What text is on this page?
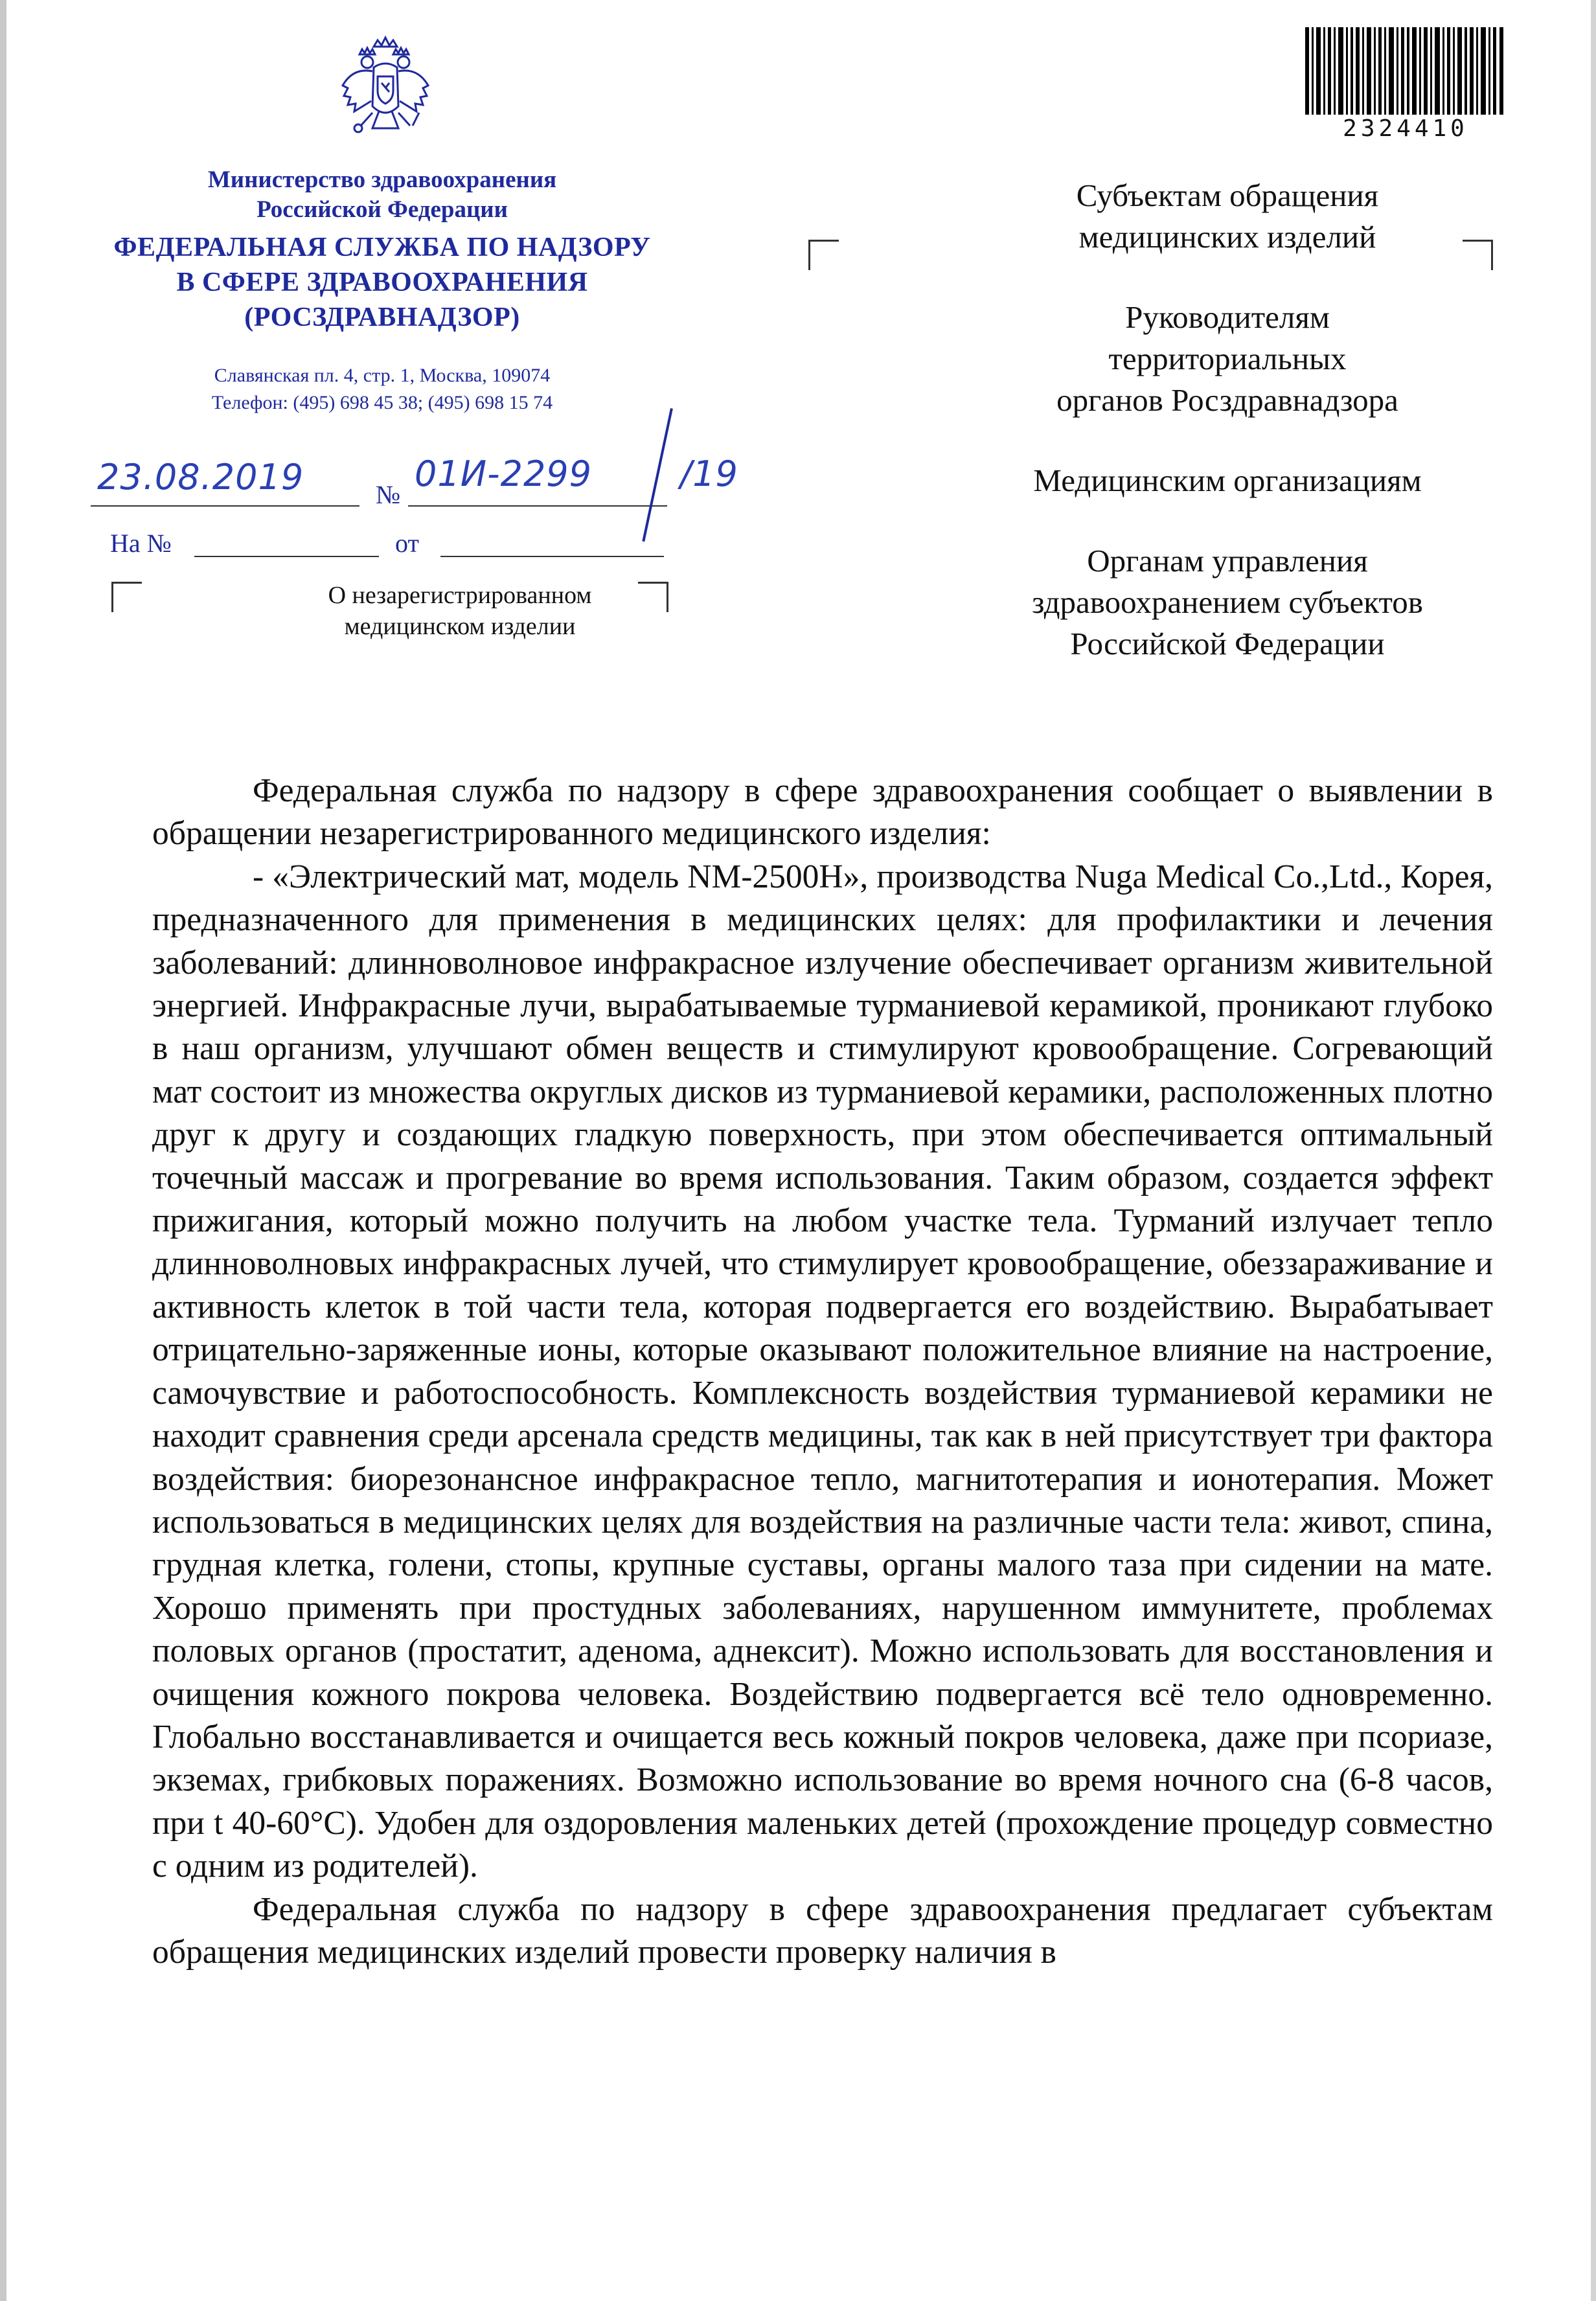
Министерство здравоохранения
Российской Федерации
ФЕДЕРАЛЬНАЯ СЛУЖБА ПО НАДЗОРУ
В СФЕРЕ ЗДРАВООХРАНЕНИЯ
(РОСЗДРАВНАДЗОР)
Славянская пл. 4, стр. 1, Москва, 109074
Телефон: (495) 698 45 38; (495) 698 15 74
23.08.2019	№
01И-2299	/19
На №	от
О незарегистрированном
медицинском изделии
2324410
Субъектам обращения
медицинских изделий
Руководителям
территориальных
органов Росздравнадзора
Медицинским организациям
Органам управления
здравоохранением субъектов
Российской Федерации

Федеральная служба по надзору в сфере здравоохранения сообщает о выявлении в обращении незарегистрированного медицинского изделия:

- «Электрический мат, модель NM-2500H», производства Nuga Medical Co.,Ltd., Корея, предназначенного для применения в медицинских целях: для профилактики и лечения заболеваний: длинноволновое инфракрасное излучение обеспечивает организм живительной энергией. Инфракрасные лучи, вырабатываемые турманиевой керамикой, проникают глубоко в наш организм, улучшают обмен веществ и стимулируют кровообращение. Согревающий мат состоит из множества округлых дисков из турманиевой керамики, расположенных плотно друг к другу и создающих гладкую поверхность, при этом обеспечивается оптимальный точечный массаж и прогревание во время использования. Таким образом, создается эффект прижигания, который можно получить на любом участке тела. Турманий излучает тепло длинноволновых инфракрасных лучей, что стимулирует кровообращение, обеззараживание и активность клеток в той части тела, которая подвергается его воздействию. Вырабатывает отрицательно-заряженные ионы, которые оказывают положительное влияние на настроение, самочувствие и работоспособность. Комплексность воздействия турманиевой керамики не находит сравнения среди арсенала средств медицины, так как в ней присутствует три фактора воздействия: биорезонансное инфракрасное тепло, магнитотерапия и ионотерапия. Может использоваться в медицинских целях для воздействия на различные части тела: живот, спина, грудная клетка, голени, стопы, крупные суставы, органы малого таза при сидении на мате. Хорошо применять при простудных заболеваниях, нарушенном иммунитете, проблемах половых органов (простатит, аденома, аднексит). Можно использовать для восстановления и очищения кожного покрова человека. Воздействию подвергается всё тело одновременно. Глобально восстанавливается и очищается весь кожный покров человека, даже при псориазе, экземах, грибковых поражениях. Возможно использование во время ночного сна (6-8 часов, при t 40-60°С). Удобен для оздоровления маленьких детей (прохождение процедур совместно с одним из родителей).

Федеральная служба по надзору в сфере здравоохранения предлагает субъектам обращения медицинских изделий провести проверку наличия в
